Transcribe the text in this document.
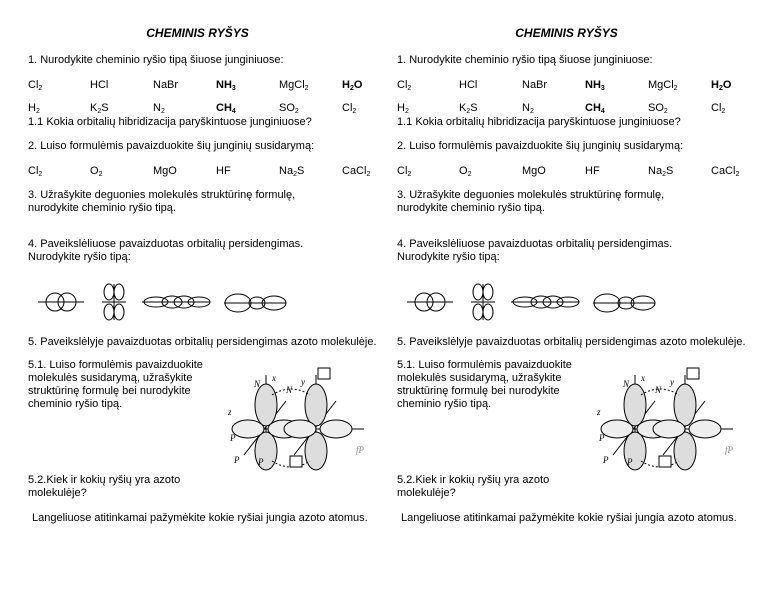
CHEMINIS RYŠYS
1. Nurodykite cheminio ryšio tipą šiuose junginiuose:
$Cl_2$	HCl	NaBr	$NH_3$	MgCl$_2$	$H_2O$
$H_2$	$K_2S$	$N_2$	$CH_4$	$SO_2$	$Cl_2$
1.1 Kokia orbitalių hibridizacija paryškintuose junginiuose?
2. Luiso formulėmis pavaizduokite šių junginių susidarymą:
$Cl_2$	$O_2$	MgO	HF	$Na_2S$	CaCl$_2$
3. Užrašykite deguonies molekulės struktūrinę formulę, nurodykite cheminio ryšio tipą.
4. Paveikslėliuose pavaizduotas orbitalių persidengimas. Nurodykite ryšio tipą:
5. Paveikslėlyje pavaizduotas orbitalių persidengimas azoto molekulėje.
5.1. Luiso formulėmis pavaizduokite molekulės susidarymą, užrašykite struktūrinę formulę bei nurodykite cheminio ryšio tipą.
N
N
x	y
z
P
P P
fP
5.2.Kiek ir kokių ryšių yra azoto molekulėje?
Langeliuose atitinkamai pažymėkite kokie ryšiai jungia azoto atomus.
CHEMINIS RYŠYS
1. Nurodykite cheminio ryšio tipą šiuose junginiuose:
$Cl_2$	HCl	NaBr	$NH_3$	MgCl$_2$	$H_2O$
$H_2$	$K_2S$	$N_2$	$CH_4$	$SO_2$	$Cl_2$
1.1 Kokia orbitalių hibridizacija paryškintuose junginiuose?
2. Luiso formulėmis pavaizduokite šių junginių susidarymą:
$Cl_2$	$O_2$	MgO	HF	$Na_2S$	CaCl$_2$
3. Užrašykite deguonies molekulės struktūrinę formulę, nurodykite cheminio ryšio tipą.
4. Paveikslėliuose pavaizduotas orbitalių persidengimas. Nurodykite ryšio tipą:
5. Paveikslėlyje pavaizduotas orbitalių persidengimas azoto molekulėje.
5.1. Luiso formulėmis pavaizduokite molekulės susidarymą, užrašykite struktūrinę formulę bei nurodykite cheminio ryšio tipą.
N
N
x	y
z
P
P P
fP
5.2.Kiek ir kokių ryšių yra azoto molekulėje?
Langeliuose atitinkamai pažymėkite kokie ryšiai jungia azoto atomus.
